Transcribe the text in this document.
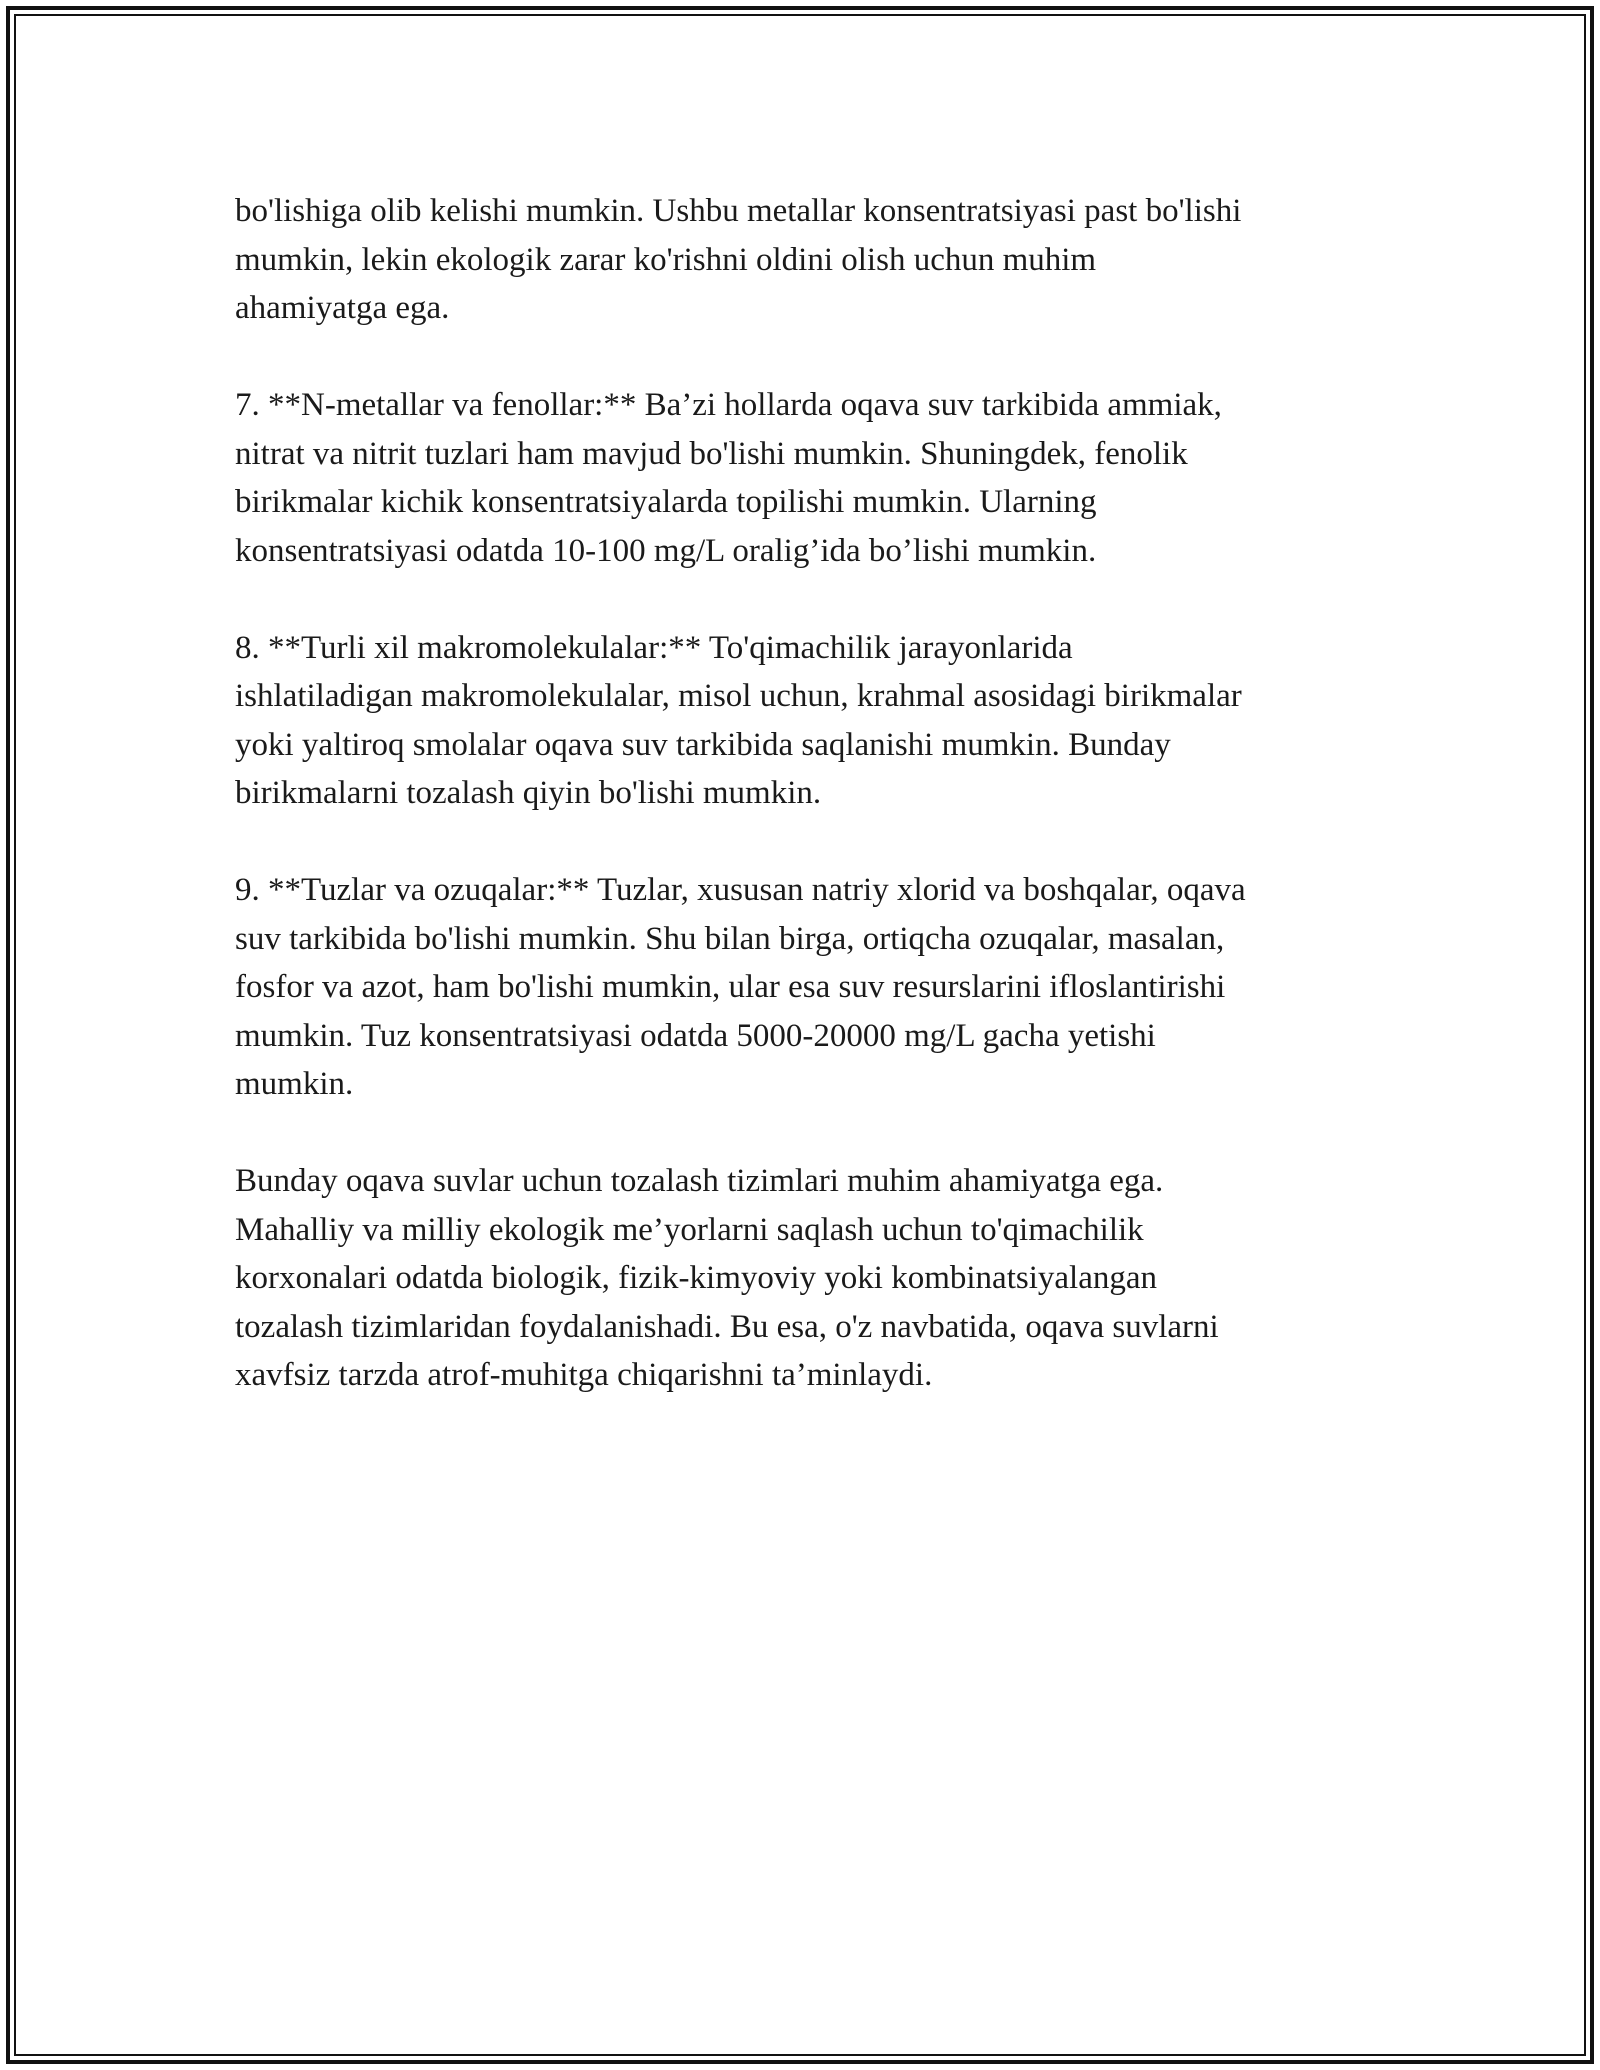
bo'lishiga olib kelishi mumkin. Ushbu metallar konsentratsiyasi past bo'lishi
mumkin, lekin ekologik zarar ko'rishni oldini olish uchun muhim
ahamiyatga ega.

7. **N-metallar va fenollar:** Ba’zi hollarda oqava suv tarkibida ammiak,
nitrat va nitrit tuzlari ham mavjud bo'lishi mumkin. Shuningdek, fenolik
birikmalar kichik konsentratsiyalarda topilishi mumkin. Ularning
konsentratsiyasi odatda 10-100 mg/L oralig’ida bo’lishi mumkin.

8. **Turli xil makromolekulalar:** To'qimachilik jarayonlarida
ishlatiladigan makromolekulalar, misol uchun, krahmal asosidagi birikmalar
yoki yaltiroq smolalar oqava suv tarkibida saqlanishi mumkin. Bunday
birikmalarni tozalash qiyin bo'lishi mumkin.

9. **Tuzlar va ozuqalar:** Tuzlar, xususan natriy xlorid va boshqalar, oqava
suv tarkibida bo'lishi mumkin. Shu bilan birga, ortiqcha ozuqalar, masalan,
fosfor va azot, ham bo'lishi mumkin, ular esa suv resurslarini ifloslantirishi
mumkin. Tuz konsentratsiyasi odatda 5000-20000 mg/L gacha yetishi
mumkin.

Bunday oqava suvlar uchun tozalash tizimlari muhim ahamiyatga ega.
Mahalliy va milliy ekologik me’yorlarni saqlash uchun to'qimachilik
korxonalari odatda biologik, fizik-kimyoviy yoki kombinatsiyalangan
tozalash tizimlaridan foydalanishadi. Bu esa, o'z navbatida, oqava suvlarni
xavfsiz tarzda atrof-muhitga chiqarishni ta’minlaydi.
